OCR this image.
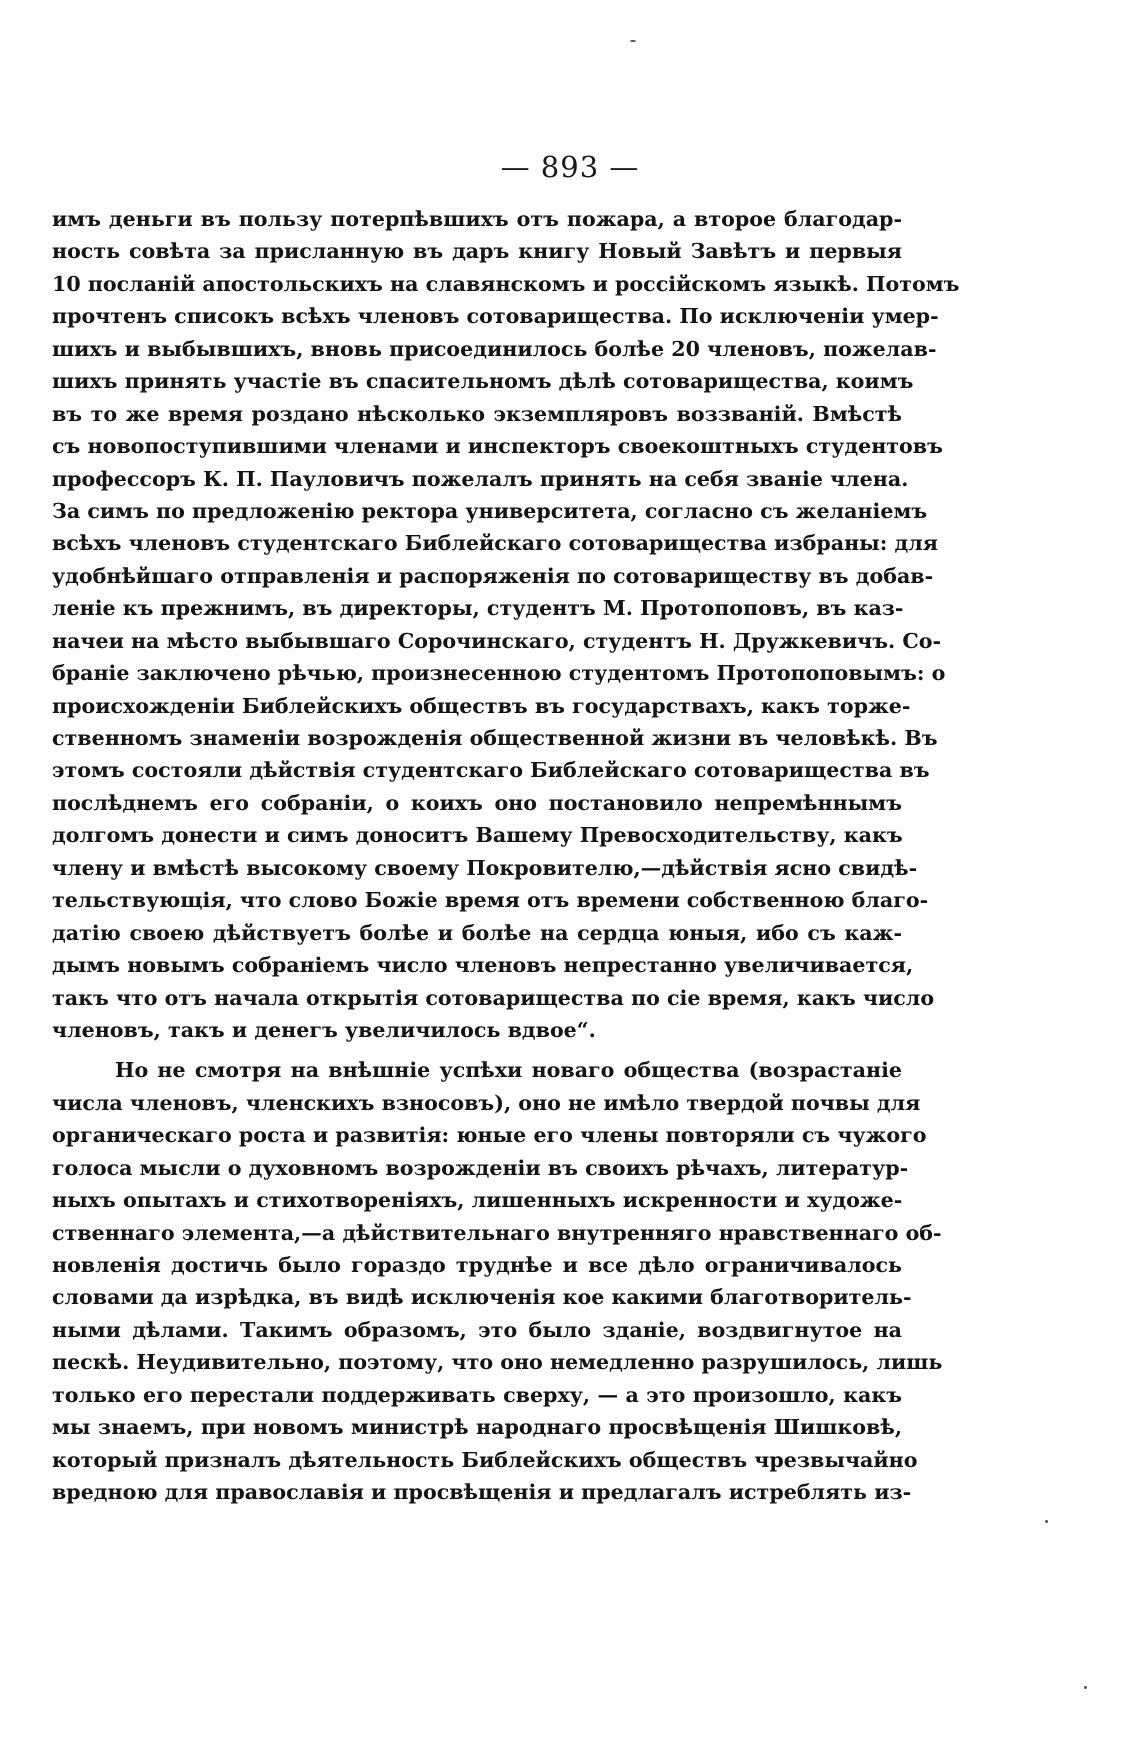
— 893 —
имъ деньги въ пользу потерпѣвшихъ отъ пожара, а второе благодар-
ность совѣта за присланную въ даръ книгу Новый Завѣтъ и первыя
10 посланiй апостольскихъ на славянскомъ и россiйскомъ языкѣ. Потомъ
прочтенъ списокъ всѣхъ членовъ сотоварищества. По исключенiи умер-
шихъ и выбывшихъ, вновь присоединилось болѣе 20 членовъ, пожелав-
шихъ принять участiе въ спасительномъ дѣлѣ сотоварищества, коимъ
въ то же время роздано нѣсколько экземпляровъ воззванiй. Вмѣстѣ
съ новопоступившими членами и инспекторъ своекоштныхъ студентовъ
профессоръ К. П. Пауловичъ пожелалъ принять на себя званiе члена.
За симъ по предложенiю ректора университета, согласно съ желанiемъ
всѣхъ членовъ студентскаго Библейскаго сотоварищества избраны: для
удобнѣйшаго отправленiя и распоряженiя по сотовариществу въ добав-
ленiе къ прежнимъ, въ директоры, студентъ М. Протопоповъ, въ каз-
начеи на мѣсто выбывшаго Сорочинскаго, студентъ Н. Дружкевичъ. Со-
бранiе заключено рѣчью, произнесенною студентомъ Протопоповымъ: о
происхожденiи Библейскихъ обществъ въ государствахъ, какъ торже-
ственномъ знаменiи возрожденiя общественной жизни въ человѣкѣ. Въ
этомъ состояли дѣйствiя студентскаго Библейскаго сотоварищества въ
послѣднемъ его собранiи, о коихъ оно постановило непремѣннымъ
долгомъ донести и симъ доноситъ Вашему Превосходительству, какъ
члену и вмѣстѣ высокому своему Покровителю,—дѣйствiя ясно свидѣ-
тельствующiя, что слово Божiе время отъ времени собственною благо-
датiю своею дѣйствуетъ болѣе и болѣе на сердца юныя, ибо съ каж-
дымъ новымъ собранiемъ число членовъ непрестанно увеличивается,
такъ что отъ начала открытiя сотоварищества по сiе время, какъ число
членовъ, такъ и денегъ увеличилось вдвое“.
Но не смотря на внѣшнiе успѣхи новаго общества (возрастанiе
числа членовъ, членскихъ взносовъ), оно не имѣло твердой почвы для
органическаго роста и развитiя: юные его члены повторяли съ чужого
голоса мысли о духовномъ возрожденiи въ своихъ рѣчахъ, литератур-
ныхъ опытахъ и стихотворенiяхъ, лишенныхъ искренности и художе-
ственнаго элемента,—а дѣйствительнаго внутренняго нравственнаго об-
новленiя достичь было гораздо труднѣе и все дѣло ограничивалось
словами да изрѣдка, въ видѣ исключенiя кое какими благотворитель-
ными дѣлами. Такимъ образомъ, это было зданiе, воздвигнутое на
пескѣ. Неудивительно, поэтому, что оно немедленно разрушилось, лишь
только его перестали поддерживать сверху, — а это произошло, какъ
мы знаемъ, при новомъ министрѣ народнаго просвѣщенiя Шишковѣ,
который призналъ дѣятельность Библейскихъ обществъ чрезвычайно
вредною для православiя и просвѣщенiя и предлагалъ истреблять из-
